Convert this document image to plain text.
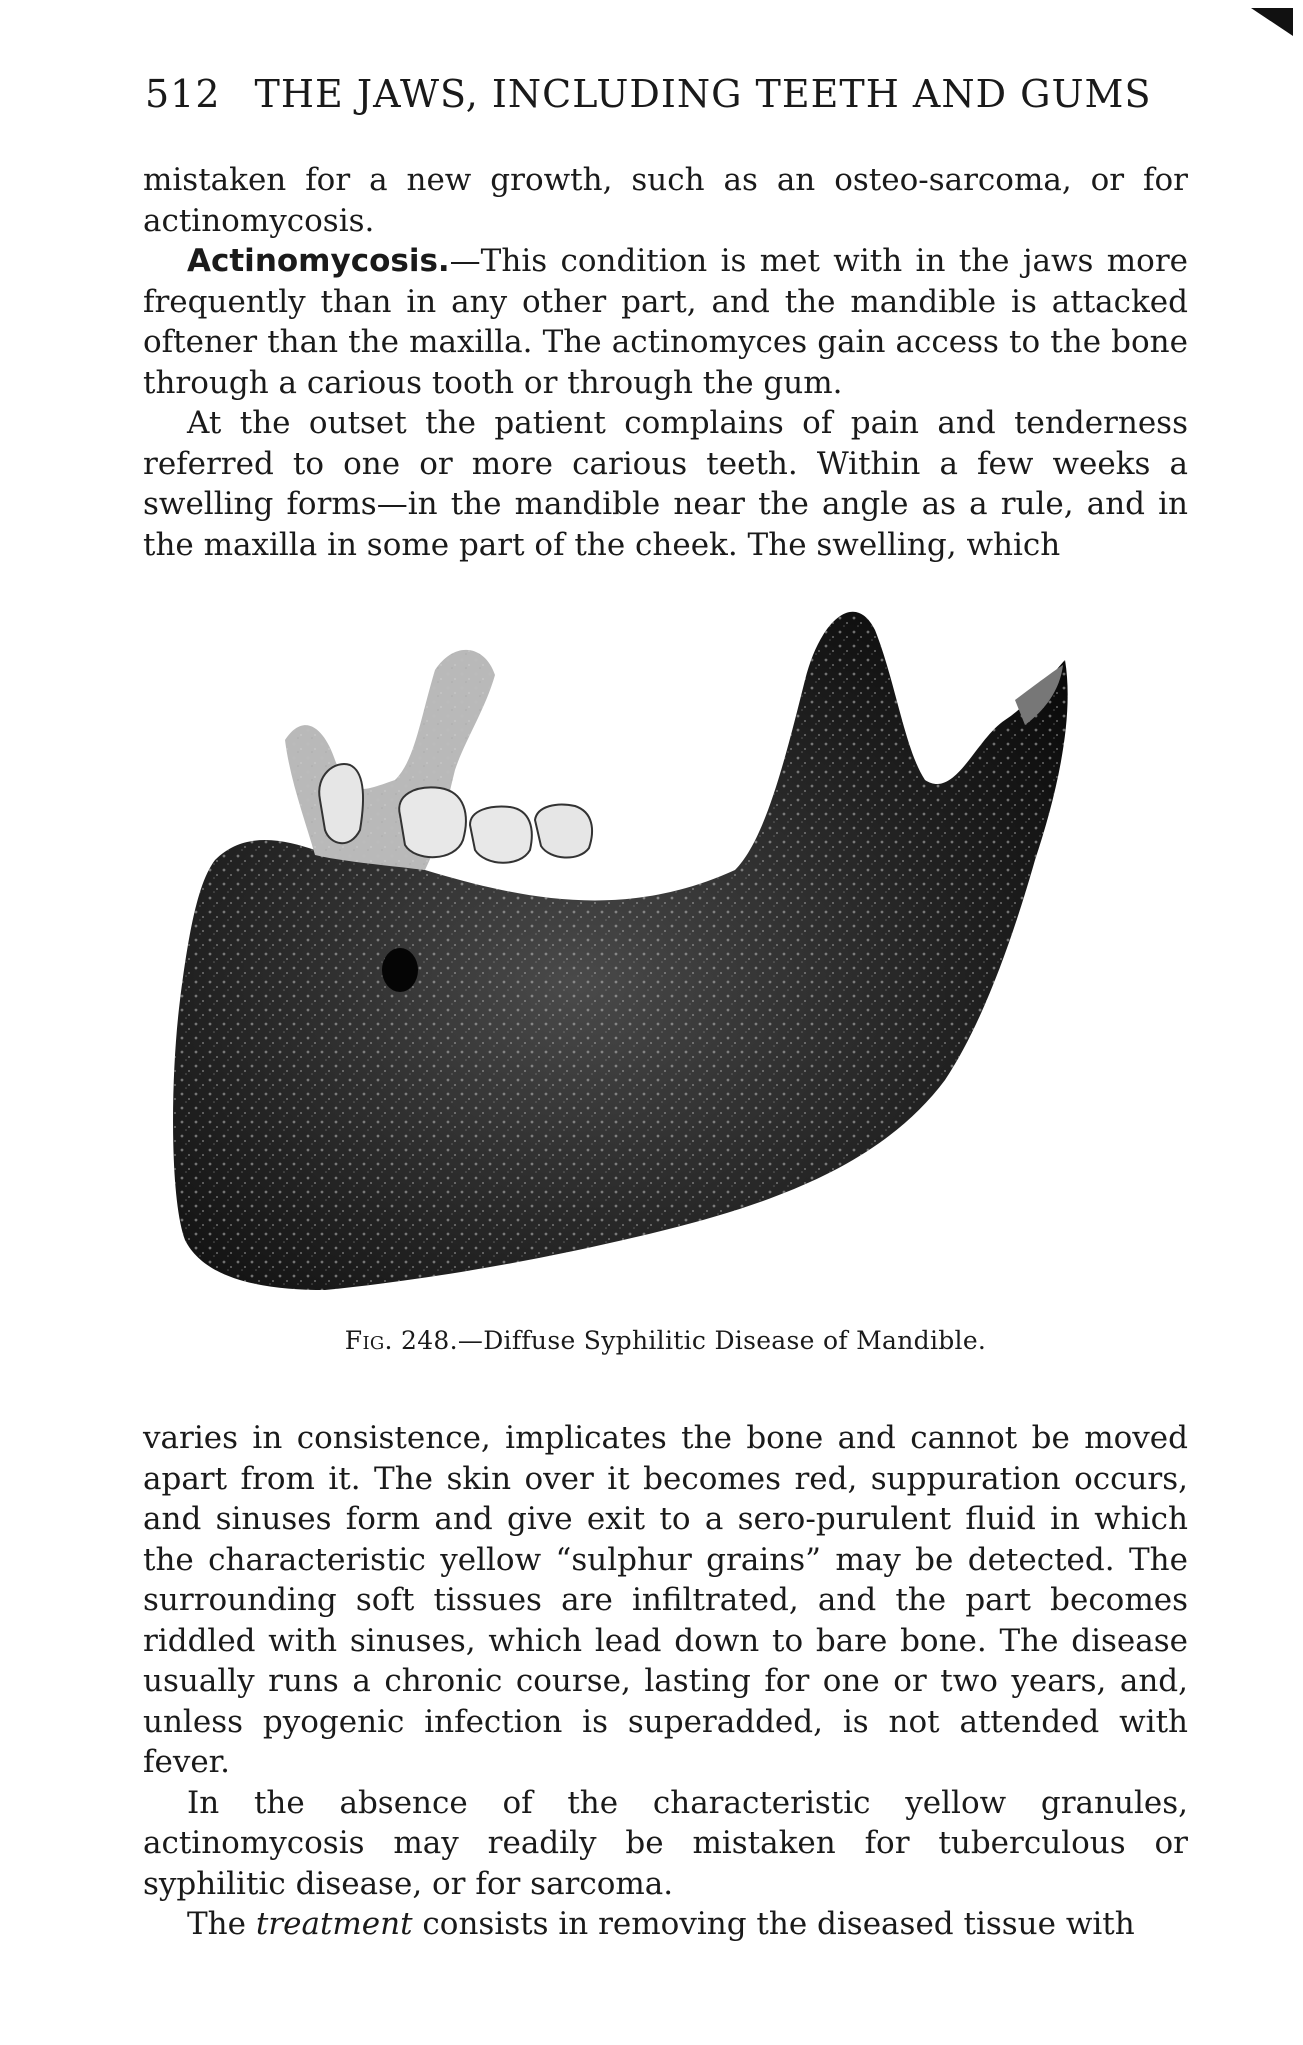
512 THE JAWS, INCLUDING TEETH AND GUMS

mistaken for a new growth, such as an osteo-sarcoma, or for actinomycosis.

Actinomycosis.—This condition is met with in the jaws more frequently than in any other part, and the mandible is attacked oftener than the maxilla. The actinomyces gain access to the bone through a carious tooth or through the gum.

At the outset the patient complains of pain and tenderness referred to one or more carious teeth. Within a few weeks a swelling forms—in the mandible near the angle as a rule, and in the maxilla in some part of the cheek. The swelling, which

Fig. 248.—Diffuse Syphilitic Disease of Mandible.

varies in consistence, implicates the bone and cannot be moved apart from it. The skin over it becomes red, suppuration occurs, and sinuses form and give exit to a sero-purulent fluid in which the characteristic yellow “sulphur grains” may be detected. The surrounding soft tissues are infiltrated, and the part becomes riddled with sinuses, which lead down to bare bone. The disease usually runs a chronic course, lasting for one or two years, and, unless pyogenic infection is superadded, is not attended with fever.

In the absence of the characteristic yellow granules, actinomycosis may readily be mistaken for tuberculous or syphilitic disease, or for sarcoma.

The treatment consists in removing the diseased tissue with
